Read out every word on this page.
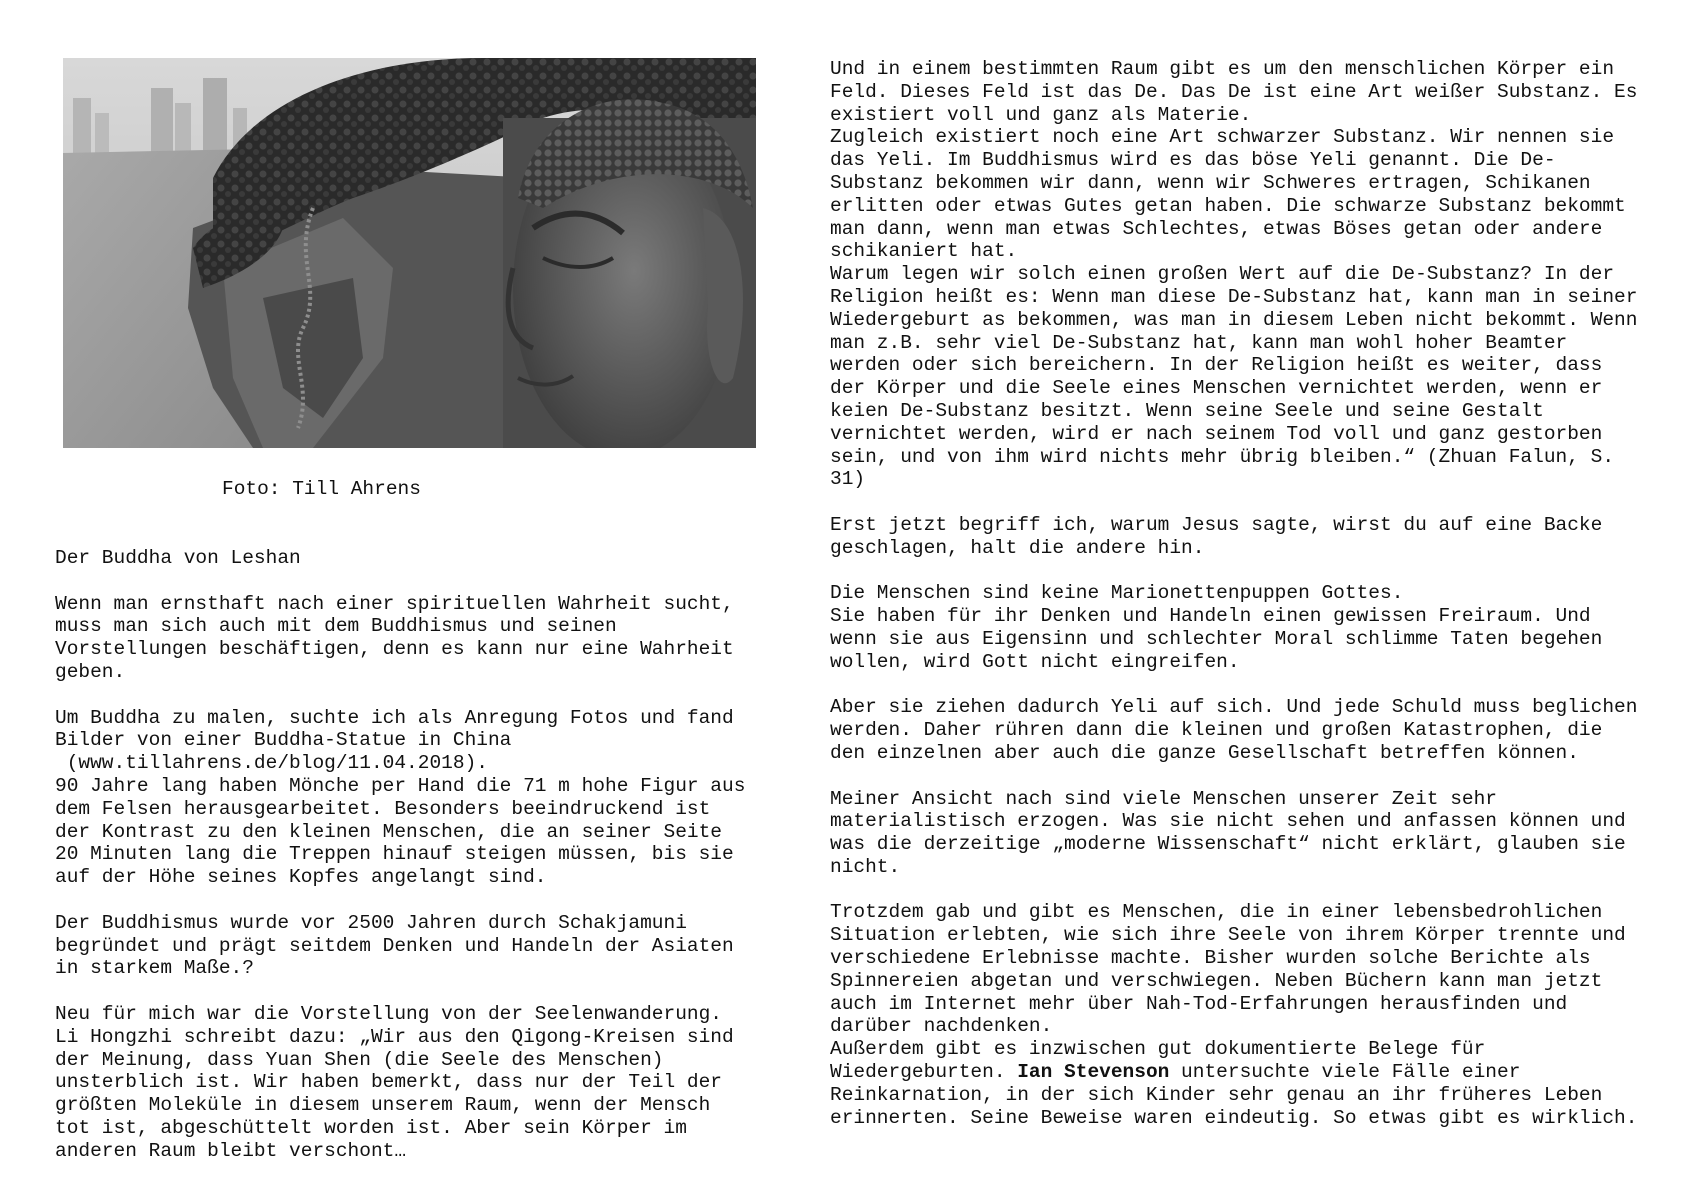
Foto: Till Ahrens

Der Buddha von Leshan

Wenn man ernsthaft nach einer spirituellen Wahrheit sucht,

muss man sich auch mit dem Buddhismus und seinen

Vorstellungen beschäftigen, denn es kann nur eine Wahrheit

geben.

Um Buddha zu malen, suchte ich als Anregung Fotos und fand

Bilder von einer Buddha-Statue in China

(www.tillahrens.de/blog/11.04.2018).

90 Jahre lang haben Mönche per Hand die 71 m hohe Figur aus

dem Felsen herausgearbeitet. Besonders beeindruckend ist

der Kontrast zu den kleinen Menschen, die an seiner Seite

20 Minuten lang die Treppen hinauf steigen müssen, bis sie

auf der Höhe seines Kopfes angelangt sind.

Der Buddhismus wurde vor 2500 Jahren durch Schakjamuni

begründet und prägt seitdem Denken und Handeln der Asiaten

in starkem Maße.?

Neu für mich war die Vorstellung von der Seelenwanderung.

Li Hongzhi schreibt dazu: „Wir aus den Qigong-Kreisen sind

der Meinung, dass Yuan Shen (die Seele des Menschen)

unsterblich ist. Wir haben bemerkt, dass nur der Teil der

größten Moleküle in diesem unserem Raum, wenn der Mensch

tot ist, abgeschüttelt worden ist. Aber sein Körper im

anderen Raum bleibt verschont…

Und in einem bestimmten Raum gibt es um den menschlichen Körper ein

Feld. Dieses Feld ist das De. Das De ist eine Art weißer Substanz. Es

existiert voll und ganz als Materie.

Zugleich existiert noch eine Art schwarzer Substanz. Wir nennen sie

das Yeli. Im Buddhismus wird es das böse Yeli genannt. Die De-

Substanz bekommen wir dann, wenn wir Schweres ertragen, Schikanen

erlitten oder etwas Gutes getan haben. Die schwarze Substanz bekommt

man dann, wenn man etwas Schlechtes, etwas Böses getan oder andere

schikaniert hat.

Warum legen wir solch einen großen Wert auf die De-Substanz? In der

Religion heißt es: Wenn man diese De-Substanz hat, kann man in seiner

Wiedergeburt as bekommen, was man in diesem Leben nicht bekommt. Wenn

man z.B. sehr viel De-Substanz hat, kann man wohl hoher Beamter

werden oder sich bereichern. In der Religion heißt es weiter, dass

der Körper und die Seele eines Menschen vernichtet werden, wenn er

keien De-Substanz besitzt. Wenn seine Seele und seine Gestalt

vernichtet werden, wird er nach seinem Tod voll und ganz gestorben

sein, und von ihm wird nichts mehr übrig bleiben.“ (Zhuan Falun, S.

31)

Erst jetzt begriff ich, warum Jesus sagte, wirst du auf eine Backe

geschlagen, halt die andere hin.

Die Menschen sind keine Marionettenpuppen Gottes.

Sie haben für ihr Denken und Handeln einen gewissen Freiraum. Und

wenn sie aus Eigensinn und schlechter Moral schlimme Taten begehen

wollen, wird Gott nicht eingreifen.

Aber sie ziehen dadurch Yeli auf sich. Und jede Schuld muss beglichen

werden. Daher rühren dann die kleinen und großen Katastrophen, die

den einzelnen aber auch die ganze Gesellschaft betreffen können.

Meiner Ansicht nach sind viele Menschen unserer Zeit sehr

materialistisch erzogen. Was sie nicht sehen und anfassen können und

was die derzeitige „moderne Wissenschaft“ nicht erklärt, glauben sie

nicht.

Trotzdem gab und gibt es Menschen, die in einer lebensbedrohlichen

Situation erlebten, wie sich ihre Seele von ihrem Körper trennte und

verschiedene Erlebnisse machte. Bisher wurden solche Berichte als

Spinnereien abgetan und verschwiegen. Neben Büchern kann man jetzt

auch im Internet mehr über Nah-Tod-Erfahrungen herausfinden und

darüber nachdenken.

Außerdem gibt es inzwischen gut dokumentierte Belege für

Wiedergeburten. Ian Stevenson untersuchte viele Fälle einer

Reinkarnation, in der sich Kinder sehr genau an ihr früheres Leben

erinnerten. Seine Beweise waren eindeutig. So etwas gibt es wirklich.
